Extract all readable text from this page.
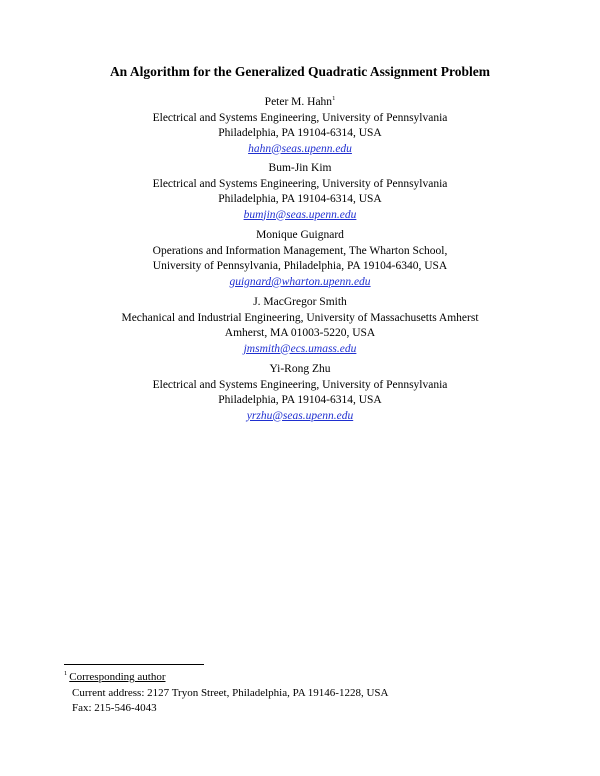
An Algorithm for the Generalized Quadratic Assignment Problem
Peter M. Hahn$^1$
Electrical and Systems Engineering, University of Pennsylvania
Philadelphia, PA 19104-6314, USA
hahn@seas.upenn.edu
Bum-Jin Kim
Electrical and Systems Engineering, University of Pennsylvania
Philadelphia, PA 19104-6314, USA
bumjin@seas.upenn.edu
Monique Guignard
Operations and Information Management, The Wharton School,
University of Pennsylvania, Philadelphia, PA 19104-6340, USA
guignard@wharton.upenn.edu
J. MacGregor Smith
Mechanical and Industrial Engineering, University of Massachusetts Amherst
Amherst, MA 01003-5220, USA
jmsmith@ecs.umass.edu
Yi-Rong Zhu
Electrical and Systems Engineering, University of Pennsylvania
Philadelphia, PA 19104-6314, USA
yrzhu@seas.upenn.edu
$^1$ Corresponding author
Current address: 2127 Tryon Street, Philadelphia, PA 19146-1228, USA
Fax: 215-546-4043
